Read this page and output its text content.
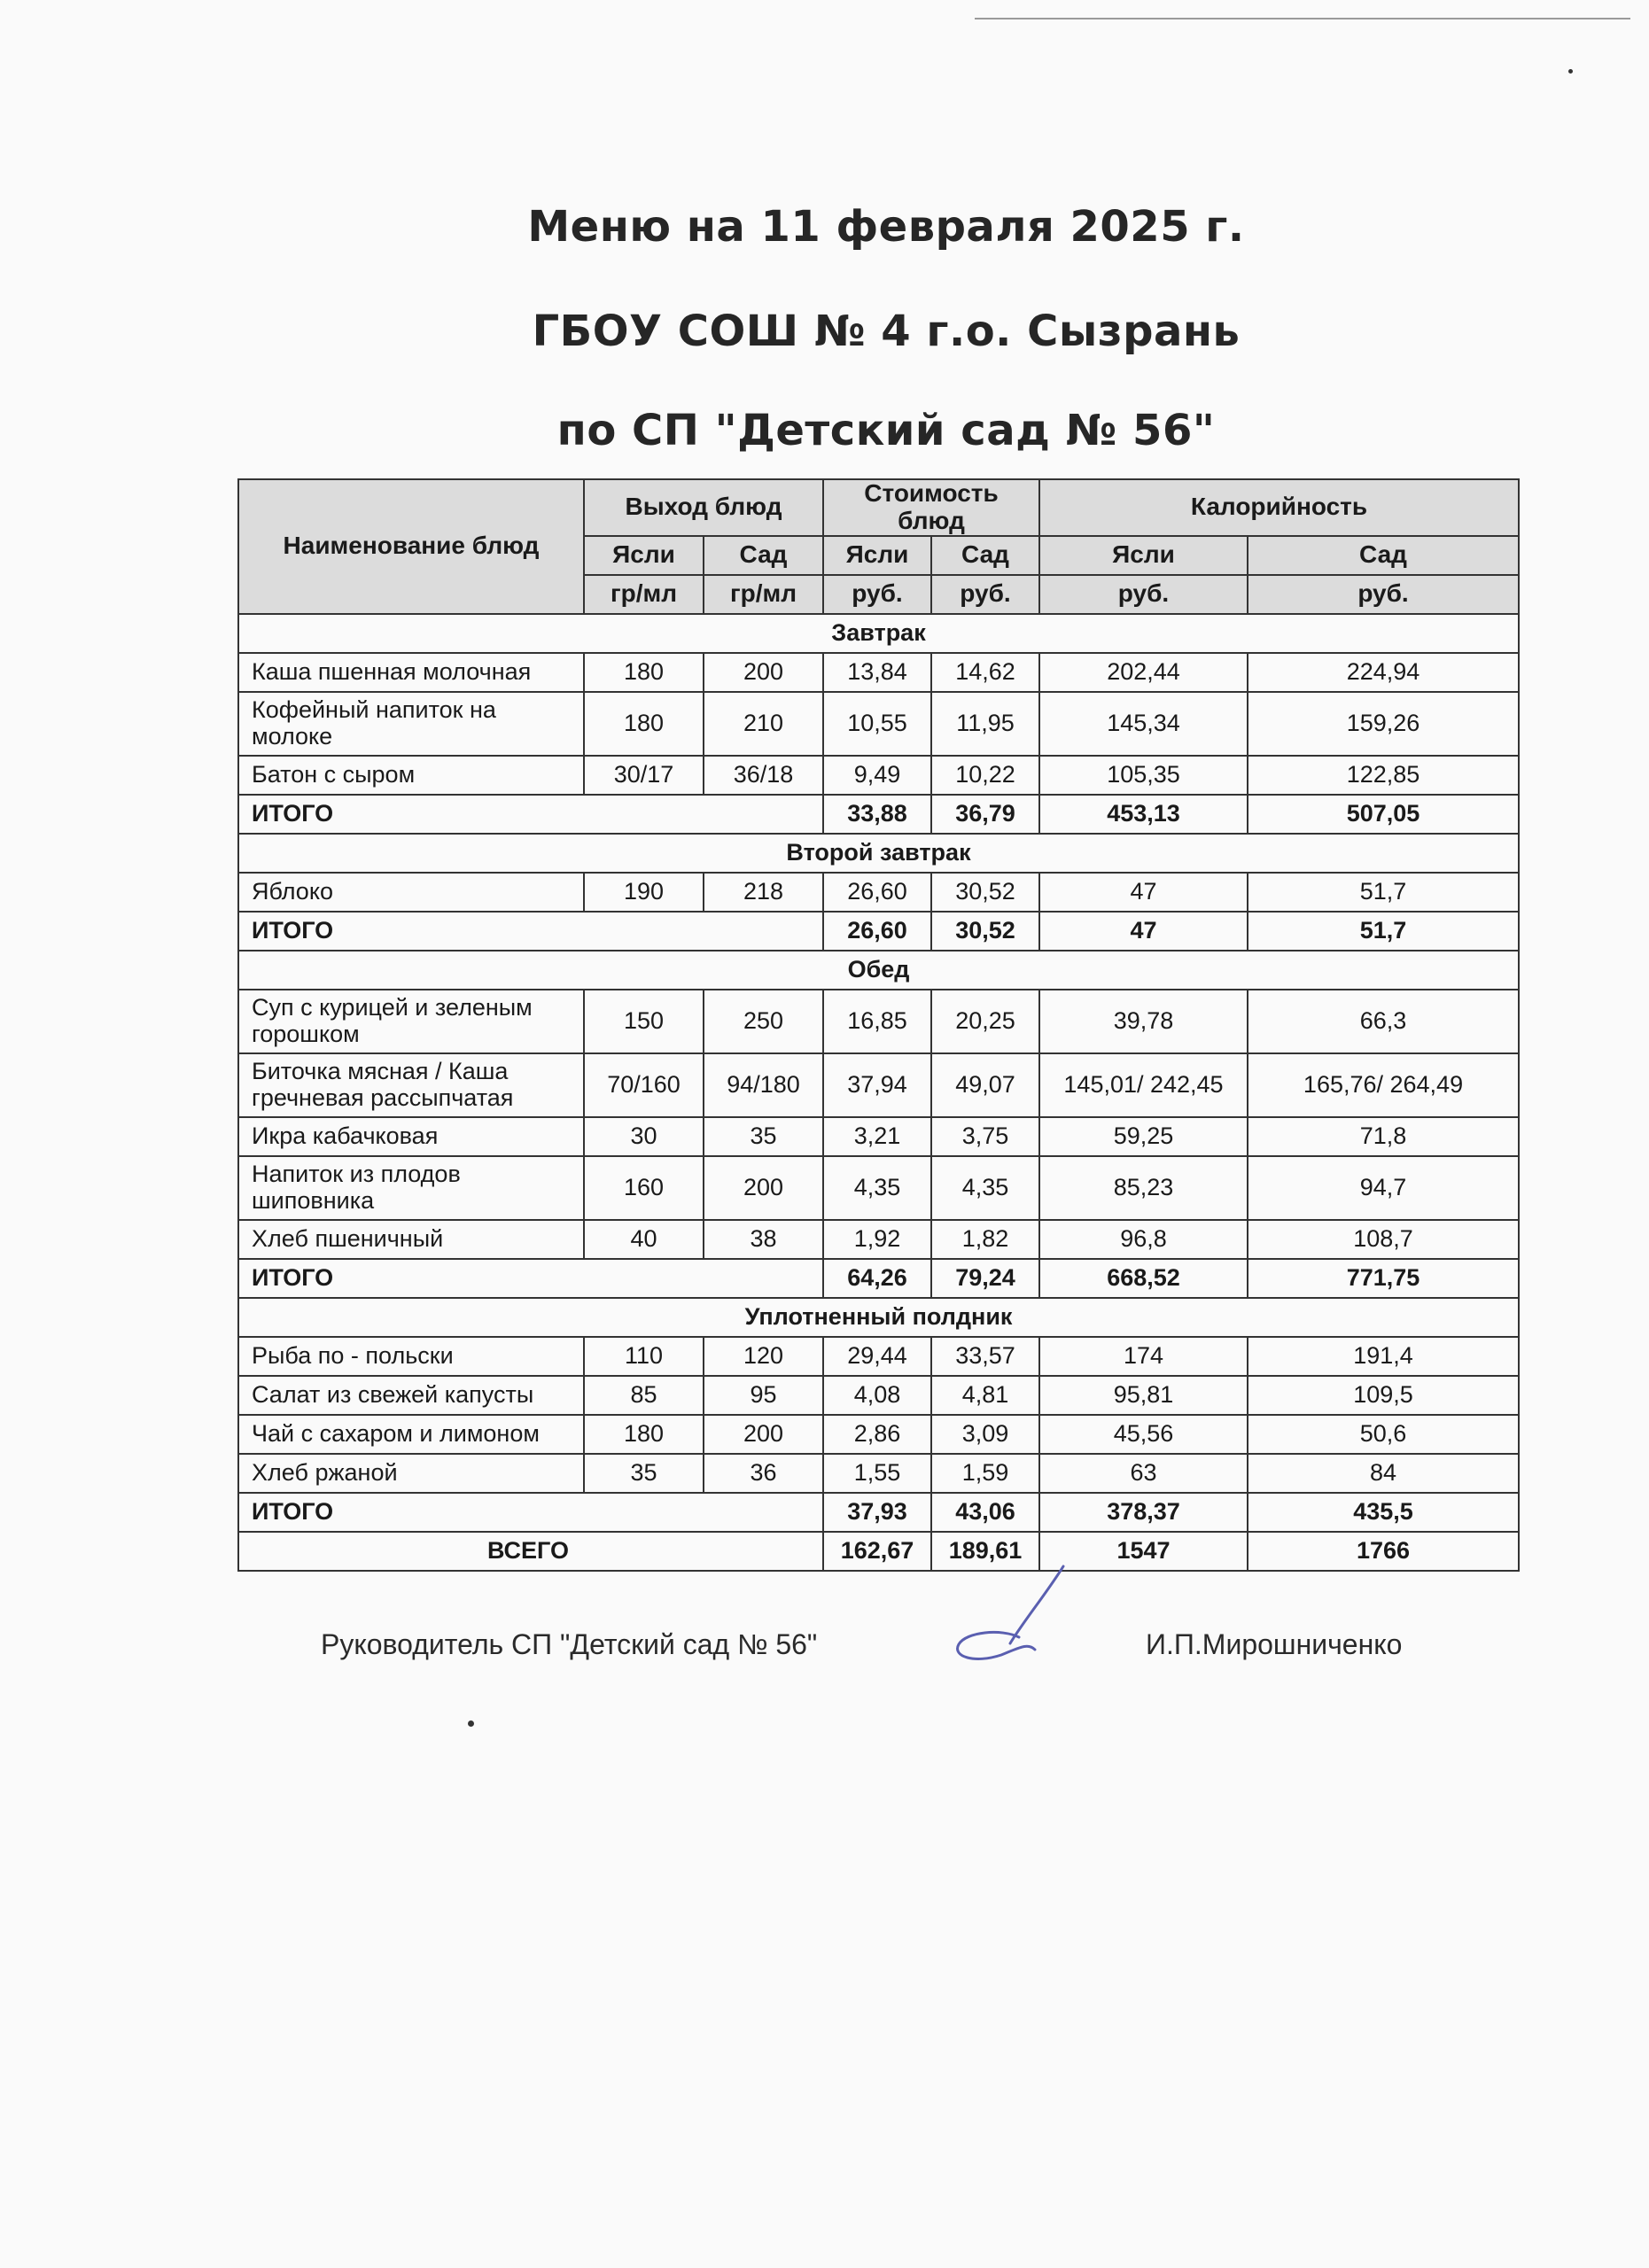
Меню на 11 февраля 2025 г.
ГБОУ СОШ № 4 г.о. Сызрань
по СП "Детский сад № 56"
Наименование блюд	Выход блюд		Стоимость блюд		Калорийность	
	Ясли	Сад	Ясли	Сад	Ясли	Сад
	гр/мл	гр/мл	руб.	руб.	руб.	руб.
Завтрак						
Каша пшенная молочная	180	200	13,84	14,62	202,44	224,94
Кофейный напиток на молоке	180	210	10,55	11,95	145,34	159,26
Батон с сыром	30/17	36/18	9,49	10,22	105,35	122,85
ИТОГО			33,88	36,79	453,13	507,05
Второй завтрак						
Яблоко	190	218	26,60	30,52	47	51,7
ИТОГО			26,60	30,52	47	51,7
Обед						
Суп с курицей и зеленым горошком	150	250	16,85	20,25	39,78	66,3
Биточка мясная / Каша гречневая рассыпчатая	70/160	94/180	37,94	49,07	145,01/ 242,45	165,76/ 264,49
Икра кабачковая	30	35	3,21	3,75	59,25	71,8
Напиток из плодов шиповника	160	200	4,35	4,35	85,23	94,7
Хлеб пшеничный	40	38	1,92	1,82	96,8	108,7
ИТОГО			64,26	79,24	668,52	771,75
Уплотненный полдник						
Рыба по - польски	110	120	29,44	33,57	174	191,4
Салат из свежей капусты	85	95	4,08	4,81	95,81	109,5
Чай с сахаром и лимоном	180	200	2,86	3,09	45,56	50,6
Хлеб ржаной	35	36	1,55	1,59	63	84
ИТОГО			37,93	43,06	378,37	435,5
ВСЕГО			162,67	189,61	1547	1766
Руководитель СП "Детский сад № 56"	И.П.Мирошниченко
